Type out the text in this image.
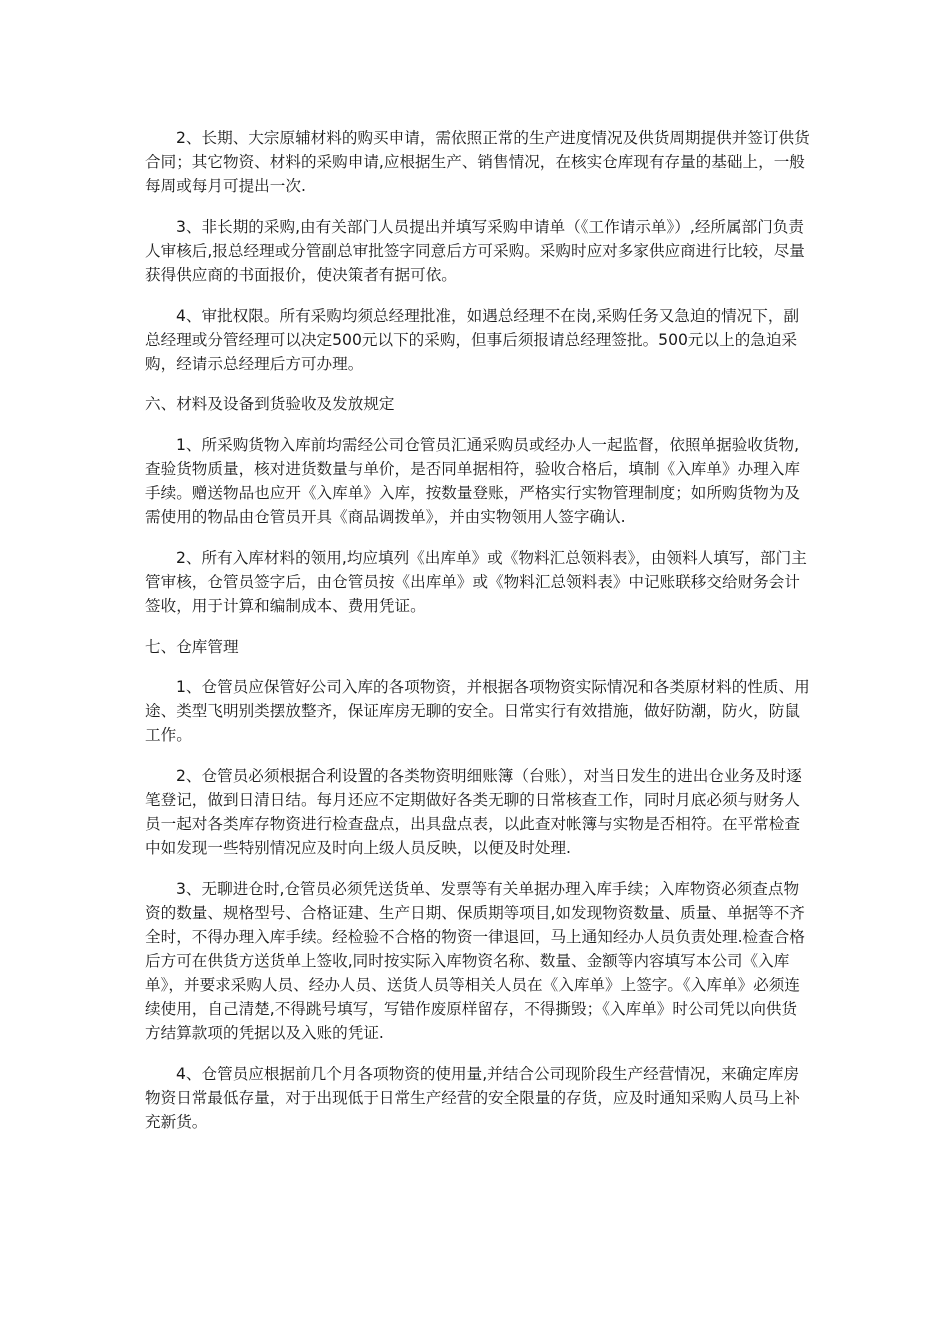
2、长期、大宗原辅材料的购买申请，需依照正常的生产进度情况及供货周期提供并签订供货合同；其它物资、材料的采购申请,应根据生产、销售情况，在核实仓库现有存量的基础上，一般每周或每月可提出一次.

3、非长期的采购,由有关部门人员提出并填写采购申请单（《工作请示单》）,经所属部门负责人审核后,报总经理或分管副总审批签字同意后方可采购。采购时应对多家供应商进行比较，尽量获得供应商的书面报价，使决策者有据可依。

4、审批权限。所有采购均须总经理批准，如遇总经理不在岗,采购任务又急迫的情况下，副总经理或分管经理可以决定500元以下的采购，但事后须报请总经理签批。500元以上的急迫采购，经请示总经理后方可办理。

六、材料及设备到货验收及发放规定

1、所采购货物入库前均需经公司仓管员汇通采购员或经办人一起监督，依照单据验收货物,查验货物质量，核对进货数量与单价，是否同单据相符，验收合格后，填制《入库单》办理入库手续。赠送物品也应开《入库单》入库，按数量登账，严格实行实物管理制度；如所购货物为及需使用的物品由仓管员开具《商品调拨单》，并由实物领用人签字确认.

2、所有入库材料的领用,均应填列《出库单》或《物料汇总领料表》，由领料人填写，部门主管审核，仓管员签字后，由仓管员按《出库单》或《物料汇总领料表》中记账联移交给财务会计签收，用于计算和编制成本、费用凭证。

七、仓库管理

1、仓管员应保管好公司入库的各项物资，并根据各项物资实际情况和各类原材料的性质、用途、类型飞明别类摆放整齐，保证库房无聊的安全。日常实行有效措施，做好防潮，防火，防鼠工作。

2、仓管员必须根据合利设置的各类物资明细账簿（台账），对当日发生的进出仓业务及时逐笔登记，做到日清日结。每月还应不定期做好各类无聊的日常核查工作，同时月底必须与财务人员一起对各类库存物资进行检查盘点，出具盘点表，以此查对帐簿与实物是否相符。在平常检查中如发现一些特别情况应及时向上级人员反映，以便及时处理.

3、无聊进仓时,仓管员必须凭送货单、发票等有关单据办理入库手续；入库物资必须查点物资的数量、规格型号、合格证建、生产日期、保质期等项目,如发现物资数量、质量、单据等不齐全时，不得办理入库手续。经检验不合格的物资一律退回，马上通知经办人员负责处理.检查合格后方可在供货方送货单上签收,同时按实际入库物资名称、数量、金额等内容填写本公司《入库单》，并要求采购人员、经办人员、送货人员等相关人员在《入库单》上签字。《入库单》必须连续使用，自己清楚,不得跳号填写，写错作废原样留存，不得撕毁；《入库单》时公司凭以向供货方结算款项的凭据以及入账的凭证.

4、仓管员应根据前几个月各项物资的使用量,并结合公司现阶段生产经营情况，来确定库房物资日常最低存量，对于出现低于日常生产经营的安全限量的存货，应及时通知采购人员马上补充新货。
